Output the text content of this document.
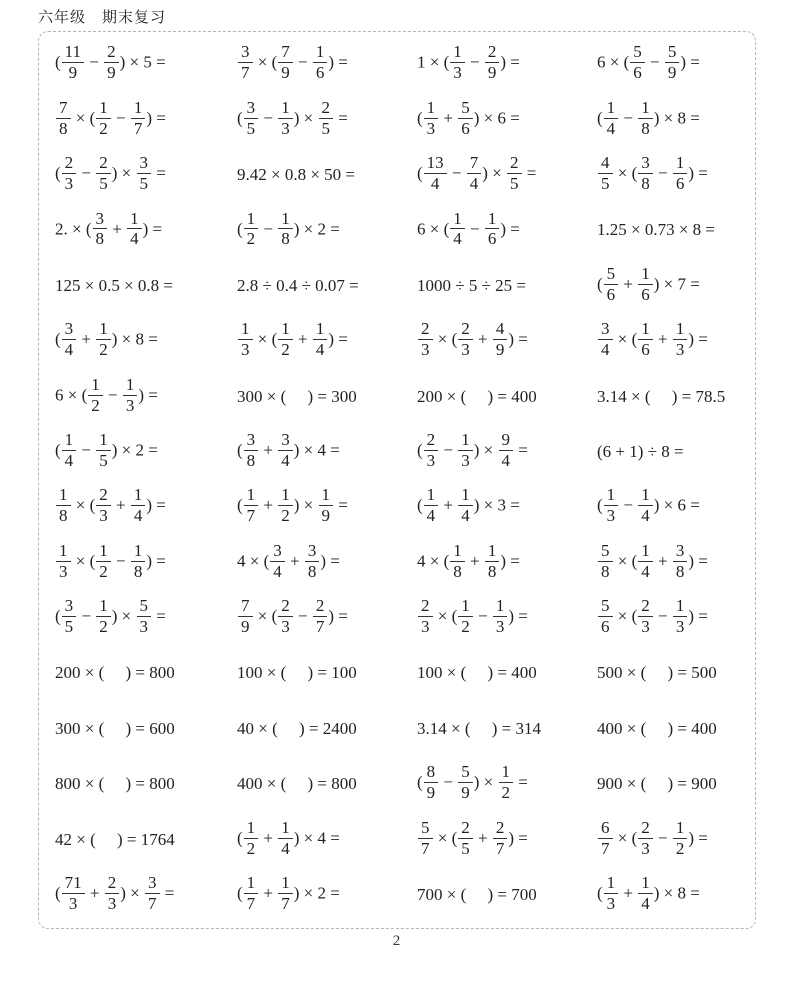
六年级　期末复习
( $\frac{11}{9} - \frac{2}{9}$ ) × 5 =	$\frac{3}{7}$ × ( $\frac{7}{9} - \frac{1}{6}$ ) =	1 × ( $\frac{1}{3} - \frac{2}{9}$ ) =	6 × ( $\frac{5}{6} - \frac{5}{9}$ ) =
$\frac{7}{8}$ × ( $\frac{1}{2} - \frac{1}{7}$ ) =	( $\frac{3}{5} - \frac{1}{3}$ ) × $\frac{2}{5}$ =	( $\frac{1}{3} + \frac{5}{6}$ ) × 6 =	( $\frac{1}{4} - \frac{1}{8}$ ) × 8 =
( $\frac{2}{3} - \frac{2}{5}$ ) × $\frac{3}{5}$ =	9.42 × 0.8 × 50 =	( $\frac{13}{4} - \frac{7}{4}$ ) × $\frac{2}{5}$ =	$\frac{4}{5}$ × ( $\frac{3}{8} - \frac{1}{6}$ ) =
2. × ( $\frac{3}{8} + \frac{1}{4}$ ) =	( $\frac{1}{2} - \frac{1}{8}$ ) × 2 =	6 × ( $\frac{1}{4} - \frac{1}{6}$ ) =	1.25 × 0.73 × 8 =
125 × 0.5 × 0.8 =	2.8 ÷ 0.4 ÷ 0.07 =	1000 ÷ 5 ÷ 25 =	( $\frac{5}{6} + \frac{1}{6}$ ) × 7 =
( $\frac{3}{4} + \frac{1}{2}$ ) × 8 =	$\frac{1}{3}$ × ( $\frac{1}{2} + \frac{1}{4}$ ) =	$\frac{2}{3}$ × ( $\frac{2}{3} + \frac{4}{9}$ ) =	$\frac{3}{4}$ × ( $\frac{1}{6} + \frac{1}{3}$ ) =
6 × ( $\frac{1}{2} - \frac{1}{3}$ ) =	300 × (     ) = 300	200 × (     ) = 400	3.14 × (     ) = 78.5
( $\frac{1}{4} - \frac{1}{5}$ ) × 2 =	( $\frac{3}{8} + \frac{3}{4}$ ) × 4 =	( $\frac{2}{3} - \frac{1}{3}$ ) × $\frac{9}{4}$ =	(6 + 1) ÷ 8 =
$\frac{1}{8}$ × ( $\frac{2}{3} + \frac{1}{4}$ ) =	( $\frac{1}{7} + \frac{1}{2}$ ) × $\frac{1}{9}$ =	( $\frac{1}{4} + \frac{1}{4}$ ) × 3 =	( $\frac{1}{3} - \frac{1}{4}$ ) × 6 =
$\frac{1}{3}$ × ( $\frac{1}{2} - \frac{1}{8}$ ) =	4 × ( $\frac{3}{4} + \frac{3}{8}$ ) =	4 × ( $\frac{1}{8} + \frac{1}{8}$ ) =	$\frac{5}{8}$ × ( $\frac{1}{4} + \frac{3}{8}$ ) =
( $\frac{3}{5} - \frac{1}{2}$ ) × $\frac{5}{3}$ =	$\frac{7}{9}$ × ( $\frac{2}{3} - \frac{2}{7}$ ) =	$\frac{2}{3}$ × ( $\frac{1}{2} - \frac{1}{3}$ ) =	$\frac{5}{6}$ × ( $\frac{2}{3} - \frac{1}{3}$ ) =
200 × (     ) = 800	100 × (     ) = 100	100 × (     ) = 400	500 × (     ) = 500
300 × (     ) = 600	40 × (     ) = 2400	3.14 × (     ) = 314	400 × (     ) = 400
800 × (     ) = 800	400 × (     ) = 800	( $\frac{8}{9} - \frac{5}{9}$ ) × $\frac{1}{2}$ =	900 × (     ) = 900
42 × (     ) = 1764	( $\frac{1}{2} + \frac{1}{4}$ ) × 4 =	$\frac{5}{7}$ × ( $\frac{2}{5} + \frac{2}{7}$ ) =	$\frac{6}{7}$ × ( $\frac{2}{3} - \frac{1}{2}$ ) =
( $\frac{71}{3} + \frac{2}{3}$ ) × $\frac{3}{7}$ =	( $\frac{1}{7} + \frac{1}{7}$ ) × 2 =	700 × (     ) = 700	( $\frac{1}{3} + \frac{1}{4}$ ) × 8 =
2
